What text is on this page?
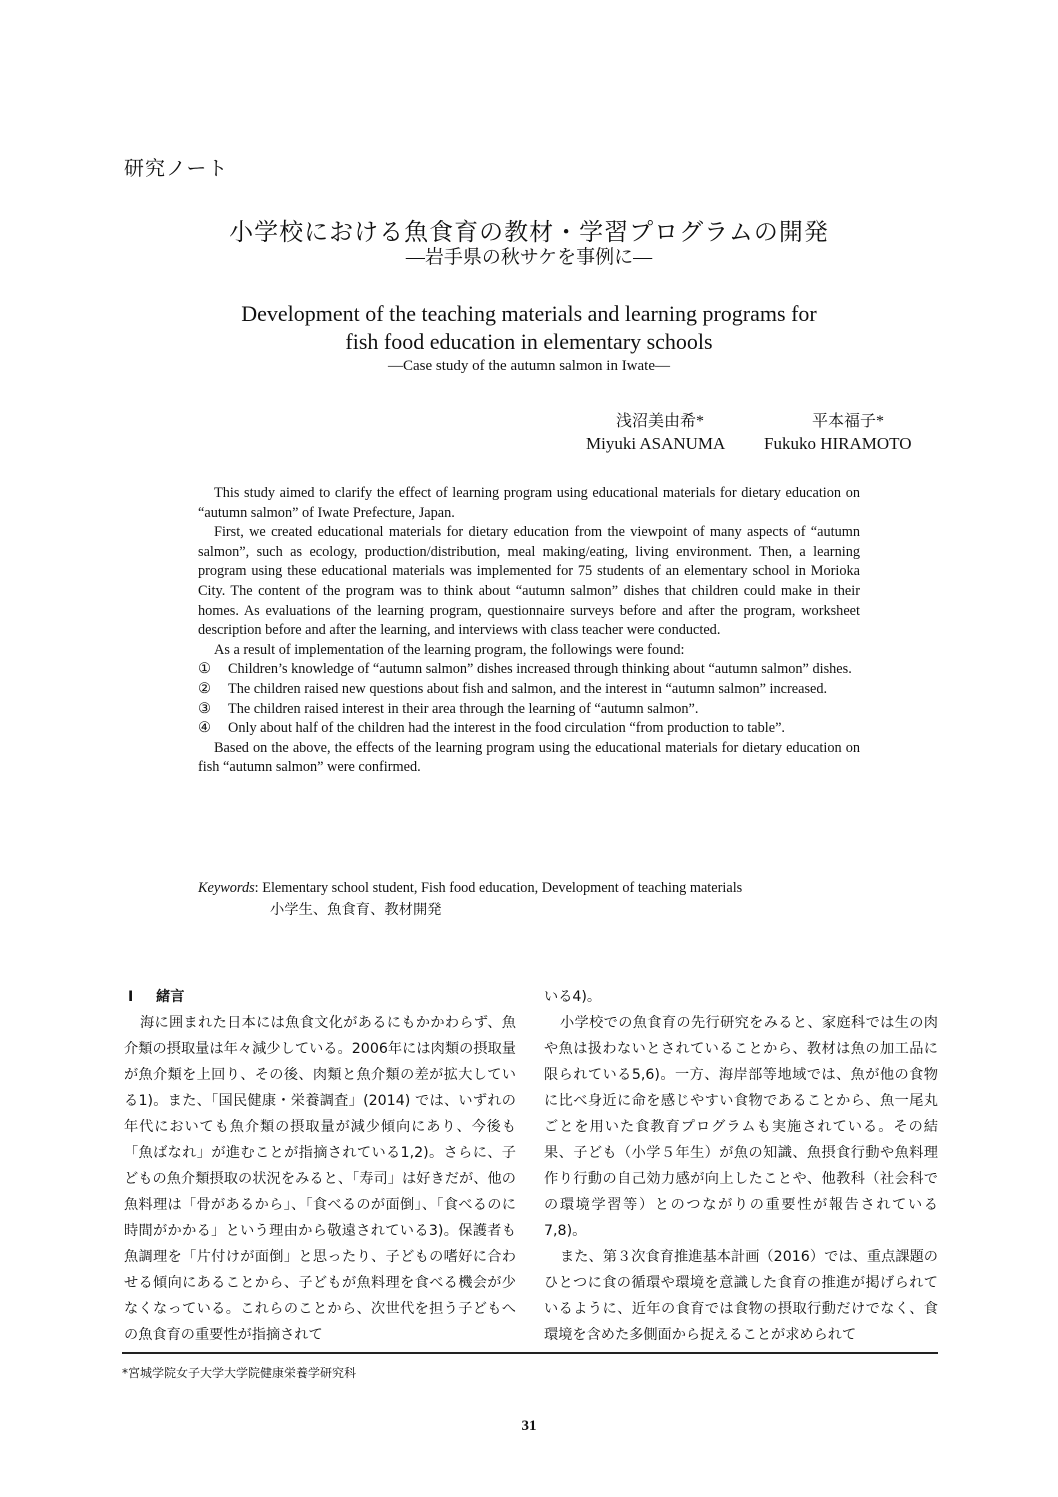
研究ノート
小学校における魚食育の教材・学習プログラムの開発
―岩手県の秋サケを事例に―
Development of the teaching materials and learning programs for
fish food education in elementary schools
―Case study of the autumn salmon in Iwate―
浅沼美由希*	平本福子*
Miyuki ASANUMA Fukuko HIRAMOTO

This study aimed to clarify the effect of learning program using educational materials for dietary education on “autumn salmon” of Iwate Prefecture, Japan.

First, we created educational materials for dietary education from the viewpoint of many aspects of “autumn salmon”, such as ecology, production/distribution, meal making/eating, living environment. Then, a learning program using these educational materials was implemented for 75 students of an elementary school in Morioka City. The content of the program was to think about “autumn salmon” dishes that children could make in their homes. As evaluations of the learning program, questionnaire surveys before and after the program, worksheet description before and after the learning, and interviews with class teacher were conducted.

As a result of implementation of the learning program, the followings were found:

① Children’s knowledge of “autumn salmon” dishes increased through thinking about “autumn salmon” dishes.
② The children raised new questions about fish and salmon, and the interest in “autumn salmon” increased.
③ The children raised interest in their area through the learning of “autumn salmon”.
④ Only about half of the children had the interest in the food circulation “from production to table”.

Based on the above, the effects of the learning program using the educational materials for dietary education on fish “autumn salmon” were confirmed.

Keywords: Elementary school student, Fish food education, Development of teaching materials
小学生、魚食育、教材開発

Ⅰ 緒言

海に囲まれた日本には魚食文化があるにもかかわらず、魚介類の摂取量は年々減少している。2006年には肉類の摂取量が魚介類を上回り、その後、肉類と魚介類の差が拡大している1)。また、「国民健康・栄養調査」(2014) では、いずれの年代においても魚介類の摂取量が減少傾向にあり、今後も「魚ばなれ」が進むことが指摘されている1,2)。さらに、子どもの魚介類摂取の状況をみると、「寿司」は好きだが、他の魚料理は「骨があるから」、「食べるのが面倒」、「食べるのに時間がかかる」という理由から敬遠されている3)。保護者も魚調理を「片付けが面倒」と思ったり、子どもの嗜好に合わせる傾向にあることから、子どもが魚料理を食べる機会が少なくなっている。これらのことから、次世代を担う子どもへの魚食育の重要性が指摘されて

いる4)。

小学校での魚食育の先行研究をみると、家庭科では生の肉や魚は扱わないとされていることから、教材は魚の加工品に限られている5,6)。一方、海岸部等地域では、魚が他の食物に比べ身近に命を感じやすい食物であることから、魚一尾丸ごとを用いた食教育プログラムも実施されている。その結果、子ども（小学５年生）が魚の知識、魚摂食行動や魚料理作り行動の自己効力感が向上したことや、他教科（社会科での環境学習等）とのつながりの重要性が報告されている7,8)。

また、第３次食育推進基本計画（2016）では、重点課題のひとつに食の循環や環境を意識した食育の推進が掲げられているように、近年の食育では食物の摂取行動だけでなく、食環境を含めた多側面から捉えることが求められて

*宮城学院女子大学大学院健康栄養学研究科
31
